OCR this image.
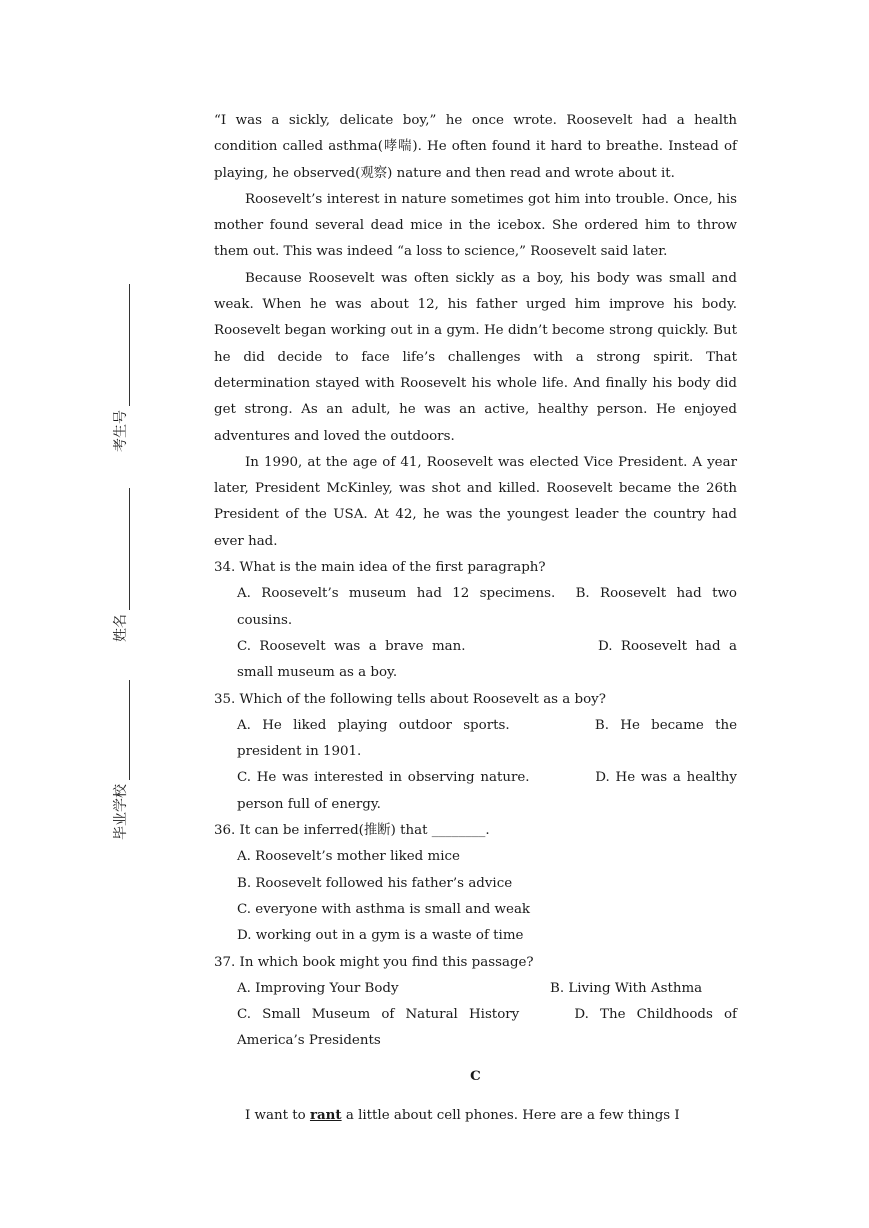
考生号
姓名
毕业学校

“I was a sickly, delicate boy,” he once wrote. Roosevelt had a health condition called asthma(哮喘). He often found it hard to breathe. Instead of playing, he observed(观察) nature and then read and wrote about it.

Roosevelt’s interest in nature sometimes got him into trouble. Once, his mother found several dead mice in the icebox. She ordered him to throw them out. This was indeed “a loss to science,” Roosevelt said later.

Because Roosevelt was often sickly as a boy, his body was small and weak. When he was about 12, his father urged him improve his body. Roosevelt began working out in a gym. He didn’t become strong quickly. But he did decide to face life’s challenges with a strong spirit. That determination stayed with Roosevelt his whole life. And finally his body did get strong. As an adult, he was an active, healthy person. He enjoyed adventures and loved the outdoors.

In 1990, at the age of 41, Roosevelt was elected Vice President. A year later, President McKinley, was shot and killed. Roosevelt became the 26th President of the USA. At 42, he was the youngest leader the country had ever had.

34. What is the main idea of the first paragraph?

A. Roosevelt’s museum had 12 specimens. B. Roosevelt had two cousins.

C. Roosevelt was a brave man.	D. Roosevelt had a small museum as a boy.

35. Which of the following tells about Roosevelt as a boy?

A. He liked playing outdoor sports.	B. He became the president in 1901.

C. He was interested in observing nature.	D. He was a healthy person full of energy.

36. It can be inferred(推断) that ________.

A. Roosevelt’s mother liked mice

B. Roosevelt followed his father’s advice

C. everyone with asthma is small and weak

D. working out in a gym is a waste of time

37. In which book might you find this passage?

A. Improving Your Body	B. Living With Asthma

C. Small Museum of Natural History	D. The Childhoods of America’s Presidents

C

I want to rant a little about cell phones. Here are a few things I
